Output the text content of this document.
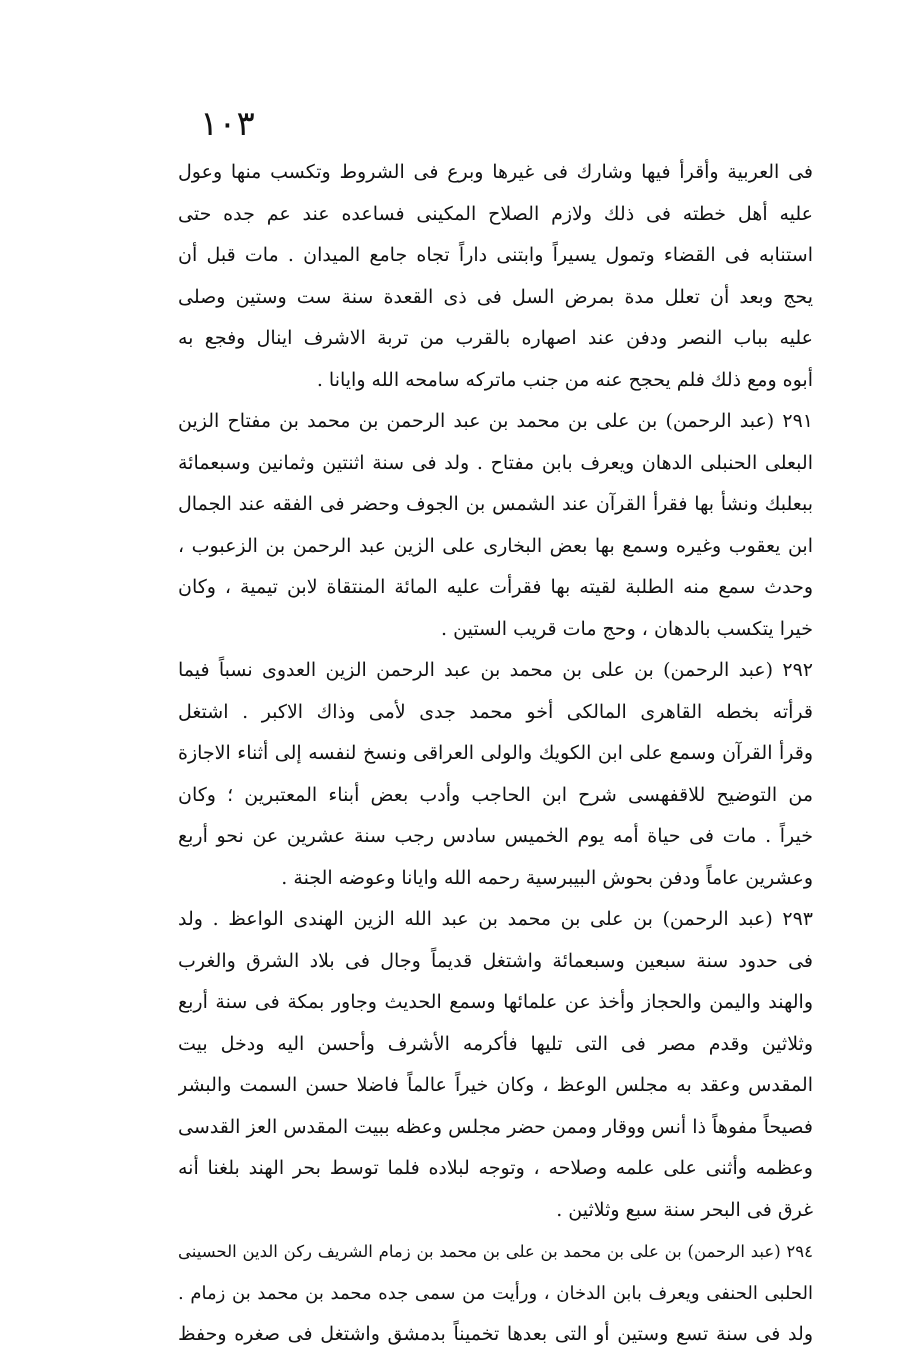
١٠٣
فى العربية وأقرأ فيها وشارك فى غيرها وبرع فى الشروط وتكسب منها وعول
عليه أهل خطته فى ذلك ولازم الصلاح المكينى فساعده عند عم جده حتى
استنابه فى القضاء وتمول يسيراً وابتنى داراً تجاه جامع الميدان . مات قبل أن
يحج وبعد أن تعلل مدة بمرض السل فى ذى القعدة سنة ست وستين وصلى
عليه بباب النصر ودفن عند اصهاره بالقرب من تربة الاشرف اينال وفجع به
أبوه ومع ذلك فلم يحجح عنه من جنب ماتركه سامحه الله وايانا .
٢٩١ (عبد الرحمن) بن على بن محمد بن عبد الرحمن بن محمد بن مفتاح الزين
البعلى الحنبلى الدهان ويعرف بابن مفتاح . ولد فى سنة اثنتين وثمانين وسبعمائة
ببعلبك ونشأ بها فقرأ القرآن عند الشمس بن الجوف وحضر فى الفقه عند الجمال
ابن يعقوب وغيره وسمع بها بعض البخارى على الزين عبد الرحمن بن الزعبوب ،
وحدث سمع منه الطلبة لقيته بها فقرأت عليه المائة المنتقاة لابن تيمية ، وكان
خيرا يتكسب بالدهان ، وحج مات قريب الستين .
٢٩٢ (عبد الرحمن) بن على بن محمد بن عبد الرحمن الزين العدوى نسباً فيما
قرأته بخطه القاهرى المالكى أخو محمد جدى لأمى وذاك الاكبر . اشتغل
وقرأ القرآن وسمع على ابن الكويك والولى العراقى ونسخ لنفسه إلى أثناء الاجازة
من التوضيح للاقفهسى شرح ابن الحاجب وأدب بعض أبناء المعتبرين ؛ وكان
خيراً . مات فى حياة أمه يوم الخميس سادس رجب سنة عشرين عن نحو أربع
وعشرين عاماً ودفن بحوش البيبرسية رحمه الله وايانا وعوضه الجنة .
٢٩٣ (عبد الرحمن) بن على بن محمد بن عبد الله الزين الهندى الواعظ . ولد
فى حدود سنة سبعين وسبعمائة واشتغل قديماً وجال فى بلاد الشرق والغرب
والهند واليمن والحجاز وأخذ عن علمائها وسمع الحديث وجاور بمكة فى سنة أربع
وثلاثين وقدم مصر فى التى تليها فأكرمه الأشرف وأحسن اليه ودخل بيت
المقدس وعقد به مجلس الوعظ ، وكان خيراً عالماً فاضلا حسن السمت والبشر
فصيحاً مفوهاً ذا أنس ووقار وممن حضر مجلس وعظه ببيت المقدس العز القدسى
وعظمه وأثنى على علمه وصلاحه ، وتوجه لبلاده فلما توسط بحر الهند بلغنا أنه
غرق فى البحر سنة سبع وثلاثين .
٢٩٤ (عبد الرحمن) بن على بن محمد بن على بن محمد بن زمام الشريف ركن الدين الحسينى
الحلبى الحنفى ويعرف بابن الدخان ، ورأيت من سمى جده محمد بن محمد بن زمام .
ولد فى سنة تسع وستين أو التى بعدها تخميناً بدمشق واشتغل فى صغره وحفظ
